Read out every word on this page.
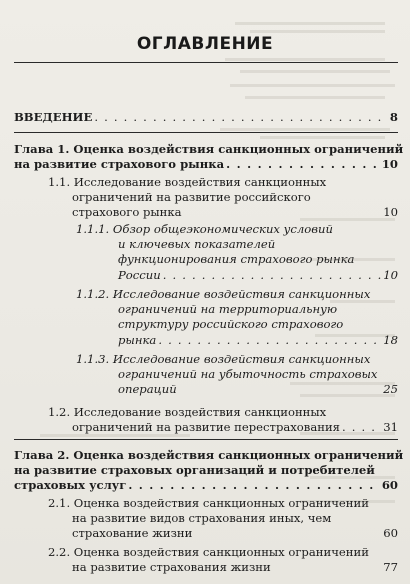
ОГЛАВЛЕНИЕ
ВВЕДЕНИЕ . . .	8
Глава 1. Оценка воздействия санкционных ограничений
на развитие страхового рынка . . .	10
1.1. Исследование воздействия санкционных
ограничений на развитие российского
страхового рынка	10
1.1.1. Обзор общеэкономических условий
и ключевых показателей
функционирования страхового рынка
России . . .	10
1.1.2. Исследование воздействия санкционных
ограничений на территориальную
структуру российского страхового
рынка . . .	18
1.1.3. Исследование воздействия санкционных
ограничений на убыточность страховых
операций	25
1.2. Исследование воздействия санкционных
ограничений на развитие перестрахования . . .	31
Глава 2. Оценка воздействия санкционных ограничений
на развитие страховых организаций и потребителей
страховых услуг . . .	60
2.1. Оценка воздействия санкционных ограничений
на развитие видов страхования иных, чем
страхование жизни	60
2.2. Оценка воздействия санкционных ограничений
на развитие страхования жизни	77
